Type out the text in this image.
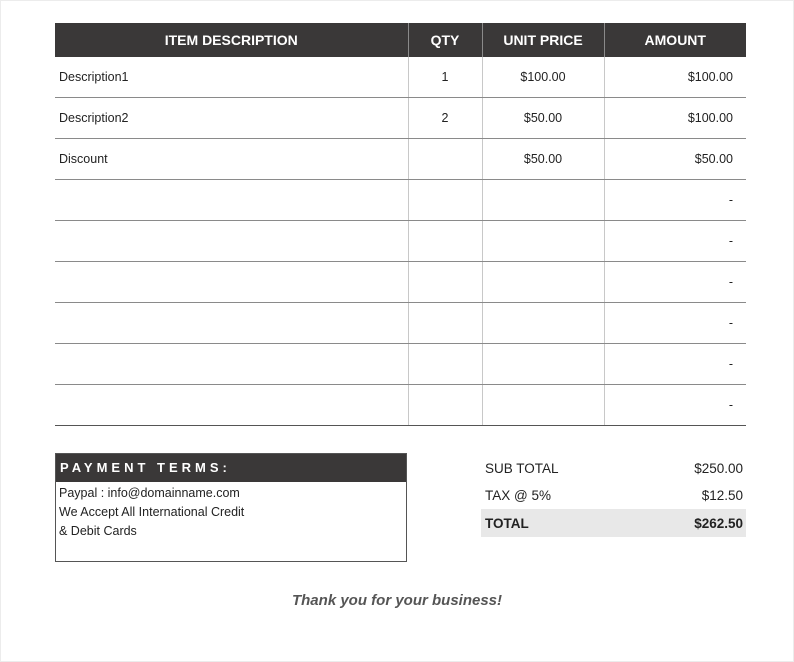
ITEM DESCRIPTION	QTY	UNIT PRICE	AMOUNT
Description1	1	$100.00	$100.00
Description2	2	$50.00	$100.00
Discount		$50.00	$50.00
			-
			-
			-
			-
			-
			-
PAYMENT TERMS:
Paypal : info@domainname.com
We Accept All International Credit
& Debit Cards
SUB TOTAL	$250.00
TAX @ 5%	$12.50
TOTAL	$262.50
Thank you for your business!
